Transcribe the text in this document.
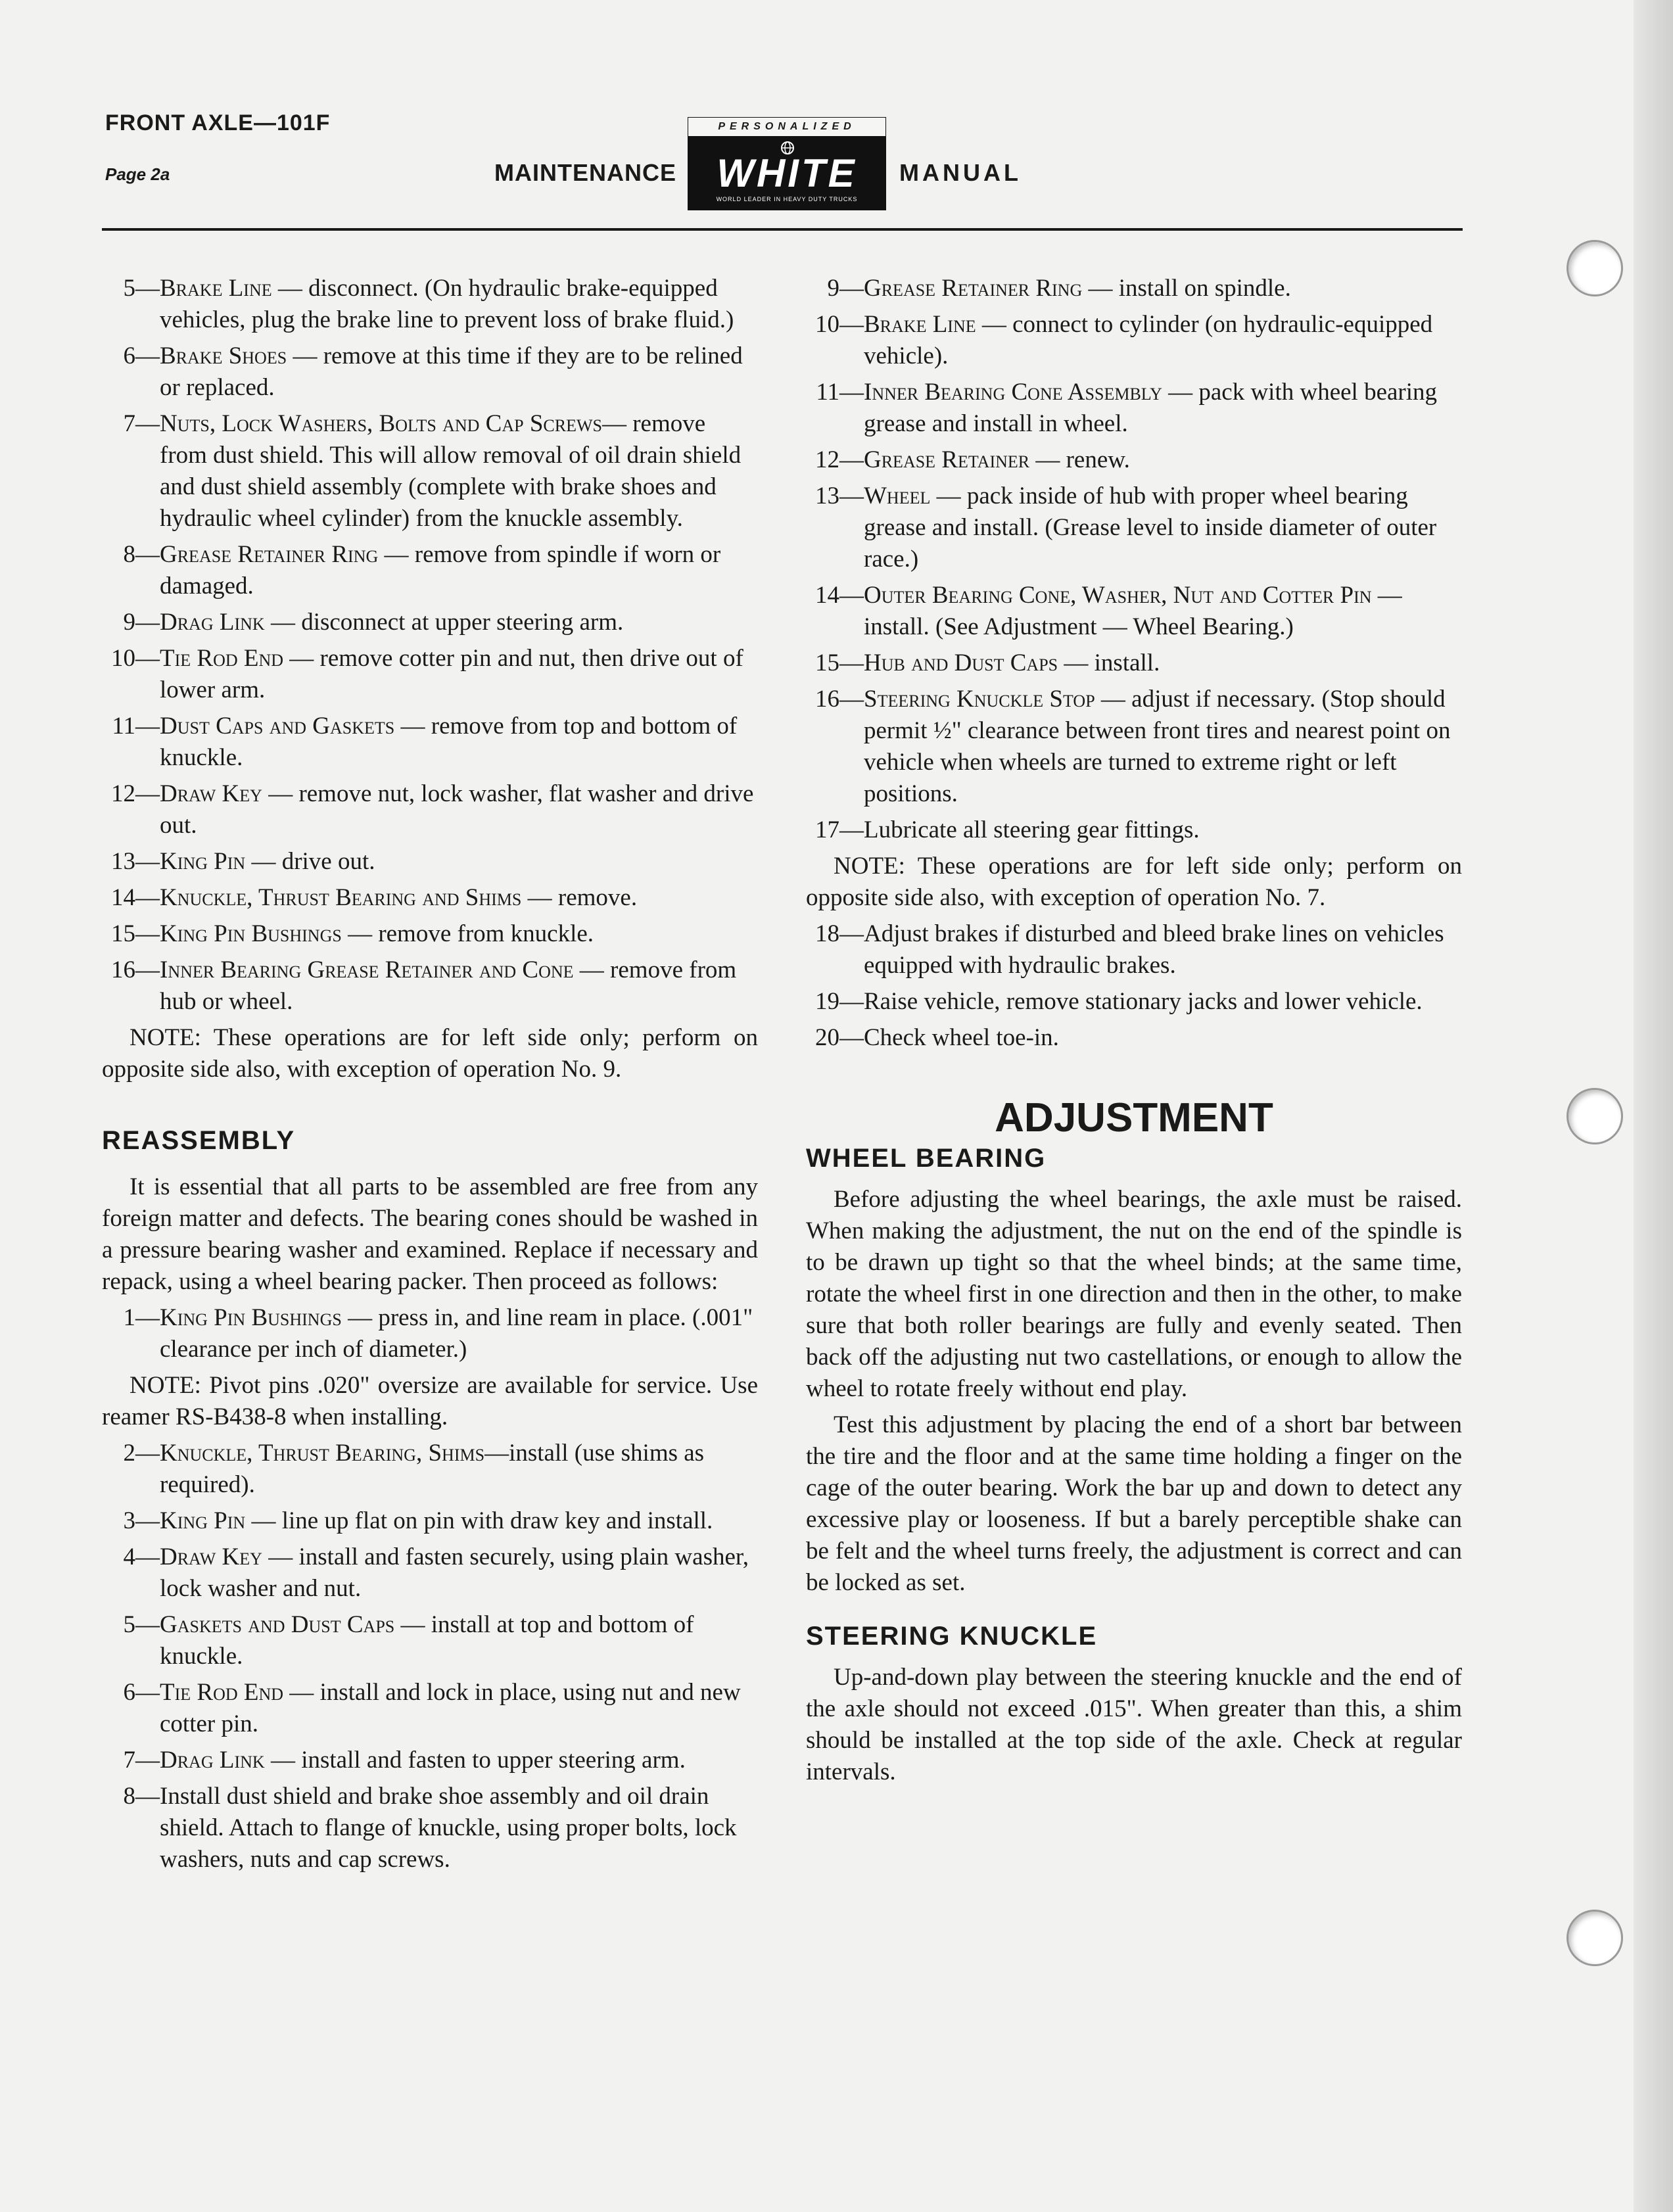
FRONT AXLE—101F
Page 2a	MAINTENANCE
PERSONALIZED
WHITE
WORLD LEADER IN HEAVY DUTY TRUCKS
MANUAL
5— Brake Line — disconnect. (On hydraulic brake-equipped vehicles, plug the brake line to prevent loss of brake fluid.)
6— Brake Shoes — remove at this time if they are to be relined or replaced.
7— Nuts, Lock Washers, Bolts and Cap Screws— remove from dust shield. This will allow removal of oil drain shield and dust shield assembly (complete with brake shoes and hydraulic wheel cylinder) from the knuckle assembly.
8— Grease Retainer Ring — remove from spindle if worn or damaged.
9— Drag Link — disconnect at upper steering arm.
10— Tie Rod End — remove cotter pin and nut, then drive out of lower arm.
11— Dust Caps and Gaskets — remove from top and bottom of knuckle.
12— Draw Key — remove nut, lock washer, flat washer and drive out.
13— King Pin — drive out.
14— Knuckle, Thrust Bearing and Shims — remove.
15— King Pin Bushings — remove from knuckle.
16— Inner Bearing Grease Retainer and Cone — remove from hub or wheel.

NOTE: These operations are for left side only; perform on opposite side also, with exception of operation No. 9.

REASSEMBLY

It is essential that all parts to be assembled are free from any foreign matter and defects. The bearing cones should be washed in a pressure bearing washer and examined. Replace if necessary and repack, using a wheel bearing packer. Then proceed as follows:

1— King Pin Bushings — press in, and line ream in place. (.001" clearance per inch of diameter.)

NOTE: Pivot pins .020" oversize are available for service. Use reamer RS-B438-8 when installing.

2— Knuckle, Thrust Bearing, Shims—install (use shims as required).
3— King Pin — line up flat on pin with draw key and install.
4— Draw Key — install and fasten securely, using plain washer, lock washer and nut.
5— Gaskets and Dust Caps — install at top and bottom of knuckle.
6— Tie Rod End — install and lock in place, using nut and new cotter pin.
7— Drag Link — install and fasten to upper steering arm.
8— Install dust shield and brake shoe assembly and oil drain shield. Attach to flange of knuckle, using proper bolts, lock washers, nuts and cap screws.
9— Grease Retainer Ring — install on spindle.
10— Brake Line — connect to cylinder (on hydraulic-equipped vehicle).
11— Inner Bearing Cone Assembly — pack with wheel bearing grease and install in wheel.
12— Grease Retainer — renew.
13— Wheel — pack inside of hub with proper wheel bearing grease and install. (Grease level to inside diameter of outer race.)
14— Outer Bearing Cone, Washer, Nut and Cotter Pin — install. (See Adjustment — Wheel Bearing.)
15— Hub and Dust Caps — install.
16— Steering Knuckle Stop — adjust if necessary. (Stop should permit ½" clearance between front tires and nearest point on vehicle when wheels are turned to extreme right or left positions.
17— Lubricate all steering gear fittings.

NOTE: These operations are for left side only; perform on opposite side also, with exception of operation No. 7.

18— Adjust brakes if disturbed and bleed brake lines on vehicles equipped with hydraulic brakes.
19— Raise vehicle, remove stationary jacks and lower vehicle.
20— Check wheel toe-in.
ADJUSTMENT
WHEEL BEARING

Before adjusting the wheel bearings, the axle must be raised. When making the adjustment, the nut on the end of the spindle is to be drawn up tight so that the wheel binds; at the same time, rotate the wheel first in one direction and then in the other, to make sure that both roller bearings are fully and evenly seated. Then back off the adjusting nut two castellations, or enough to allow the wheel to rotate freely without end play.

Test this adjustment by placing the end of a short bar between the tire and the floor and at the same time holding a finger on the cage of the outer bearing. Work the bar up and down to detect any excessive play or looseness. If but a barely perceptible shake can be felt and the wheel turns freely, the adjustment is correct and can be locked as set.

STEERING KNUCKLE

Up-and-down play between the steering knuckle and the end of the axle should not exceed .015". When greater than this, a shim should be installed at the top side of the axle. Check at regular intervals.
